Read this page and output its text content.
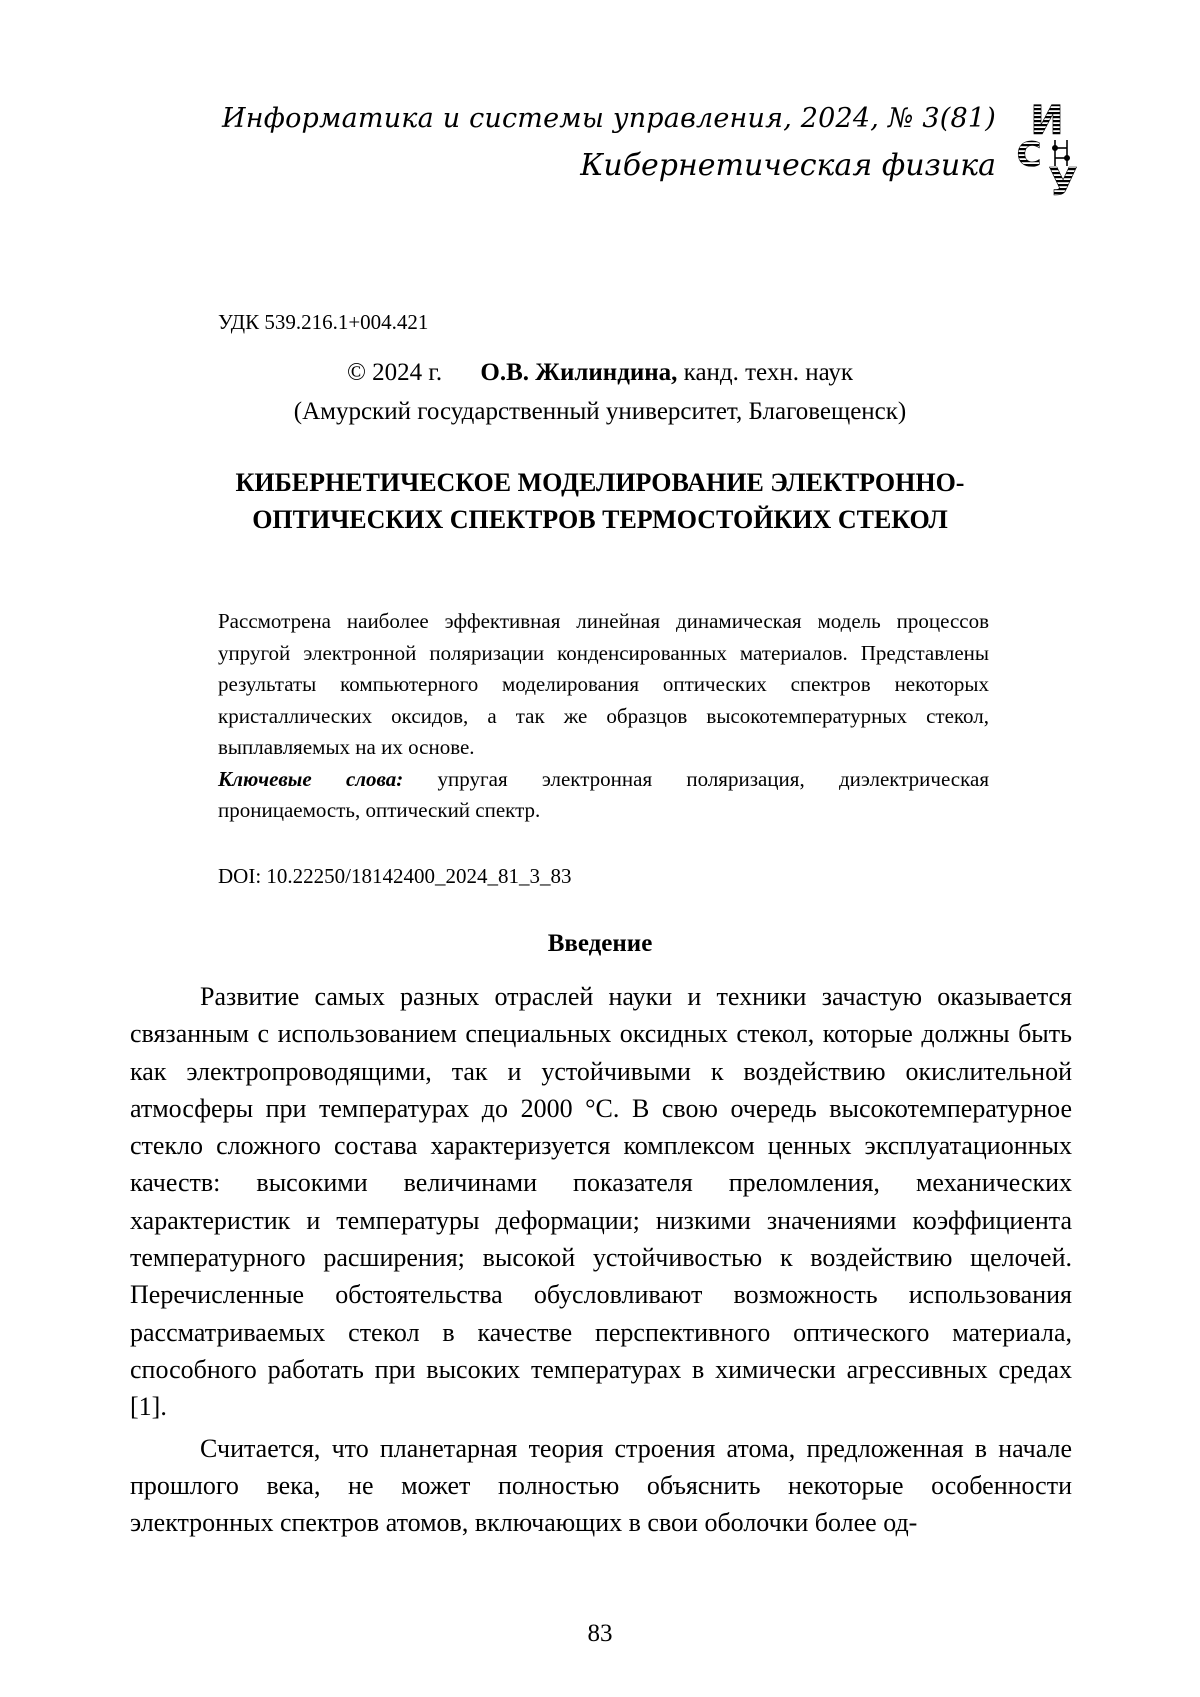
Информатика и системы управления, 2024, № 3(81)
Кибернетическая физика
И
С
У
УДК 539.216.1+004.421
© 2024 г. О.В. Жилиндина, канд. техн. наук
(Амурский государственный университет, Благовещенск)
КИБЕРНЕТИЧЕСКОЕ МОДЕЛИРОВАНИЕ ЭЛЕКТРОННО-ОПТИЧЕСКИХ СПЕКТРОВ ТЕРМОСТОЙКИХ СТЕКОЛ

Рассмотрена наиболее эффективная линейная динамическая модель процессов упругой электронной поляризации конденсированных материалов. Представлены результаты компьютерного моделирования оптических спектров некоторых кристаллических оксидов, а так же образцов высокотемпературных стекол, выплавляемых на их основе.

Ключевые слова: упругая электронная поляризация, диэлектрическая проницаемость, оптический спектр.

DOI: 10.22250/18142400_2024_81_3_83
Введение

Развитие самых разных отраслей науки и техники зачастую оказывается связанным с использованием специальных оксидных стекол, которые должны быть как электропроводящими, так и устойчивыми к воздействию окислительной атмосферы при температурах до 2000 °С. В свою очередь высокотемпературное стекло сложного состава характеризуется комплексом ценных эксплуатационных качеств: высокими величинами показателя преломления, механических характеристик и температуры деформации; низкими значениями коэффициента температурного расширения; высокой устойчивостью к воздействию щелочей. Перечисленные обстоятельства обусловливают возможность использования рассматриваемых стекол в качестве перспективного оптического материала, способного работать при высоких температурах в химически агрессивных средах [1].

Считается, что планетарная теория строения атома, предложенная в начале прошлого века, не может полностью объяснить некоторые особенности электронных спектров атомов, включающих в свои оболочки более од-

83
